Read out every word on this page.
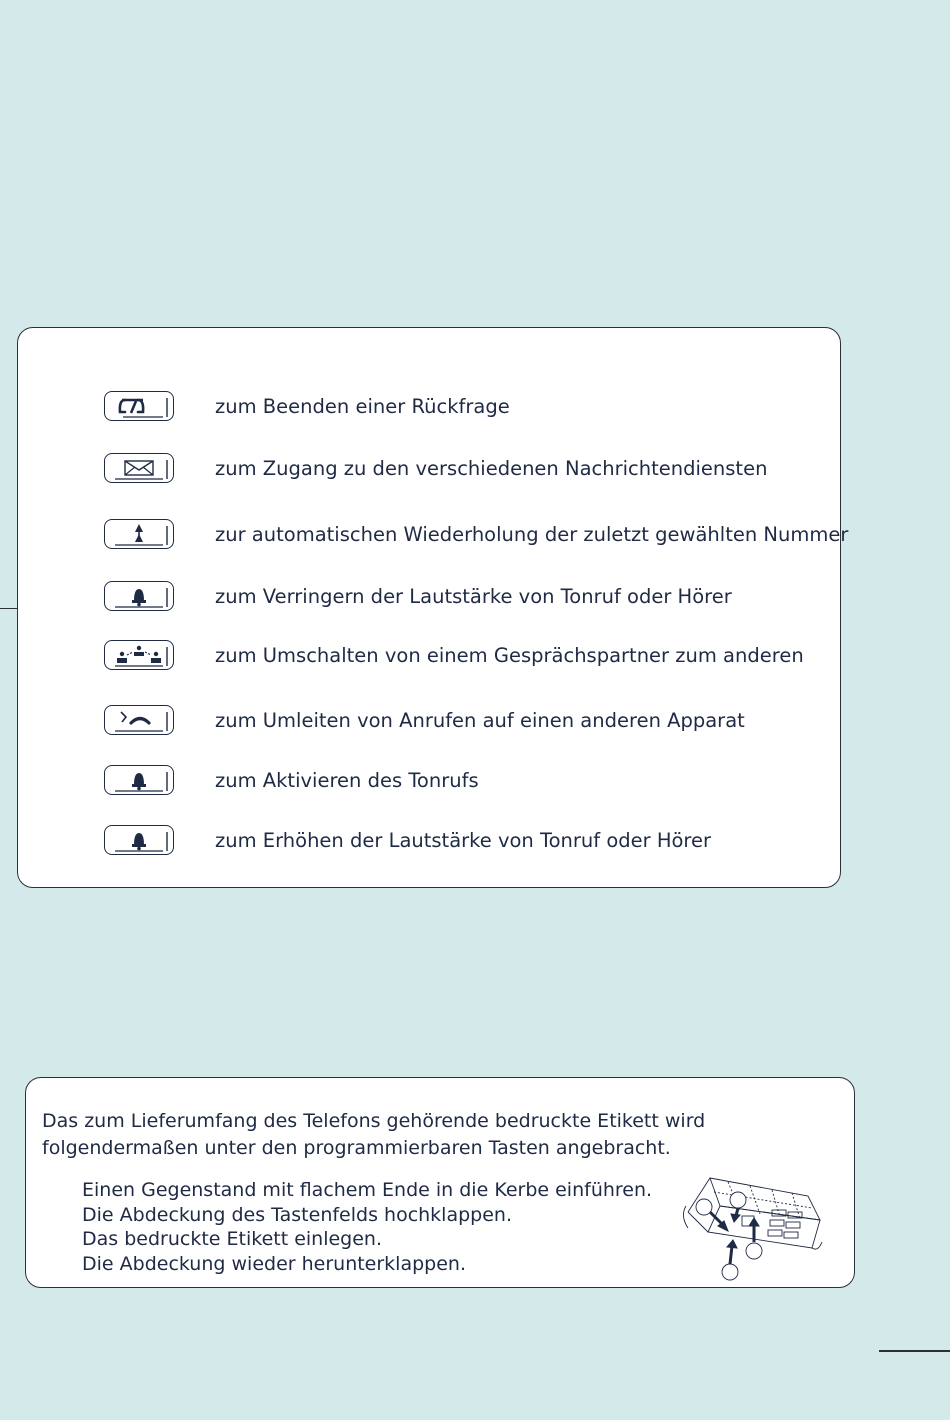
zum Beenden einer Rückfrage
zum Zugang zu den verschiedenen Nachrichtendiensten
zur automatischen Wiederholung der zuletzt gewählten Nummer
zum Verringern der Lautstärke von Tonruf oder Hörer
zum Umschalten von einem Gesprächspartner zum anderen
zum Umleiten von Anrufen auf einen anderen Apparat
zum Aktivieren des Tonrufs
zum Erhöhen der Lautstärke von Tonruf oder Hörer

Das zum Lieferumfang des Telefons gehörende bedruckte Etikett wird folgendermaßen unter den programmierbaren Tasten angebracht.

Einen Gegenstand mit flachem Ende in die Kerbe einführen.
Die Abdeckung des Tastenfelds hochklappen.
Das bedruckte Etikett einlegen.
Die Abdeckung wieder herunterklappen.
